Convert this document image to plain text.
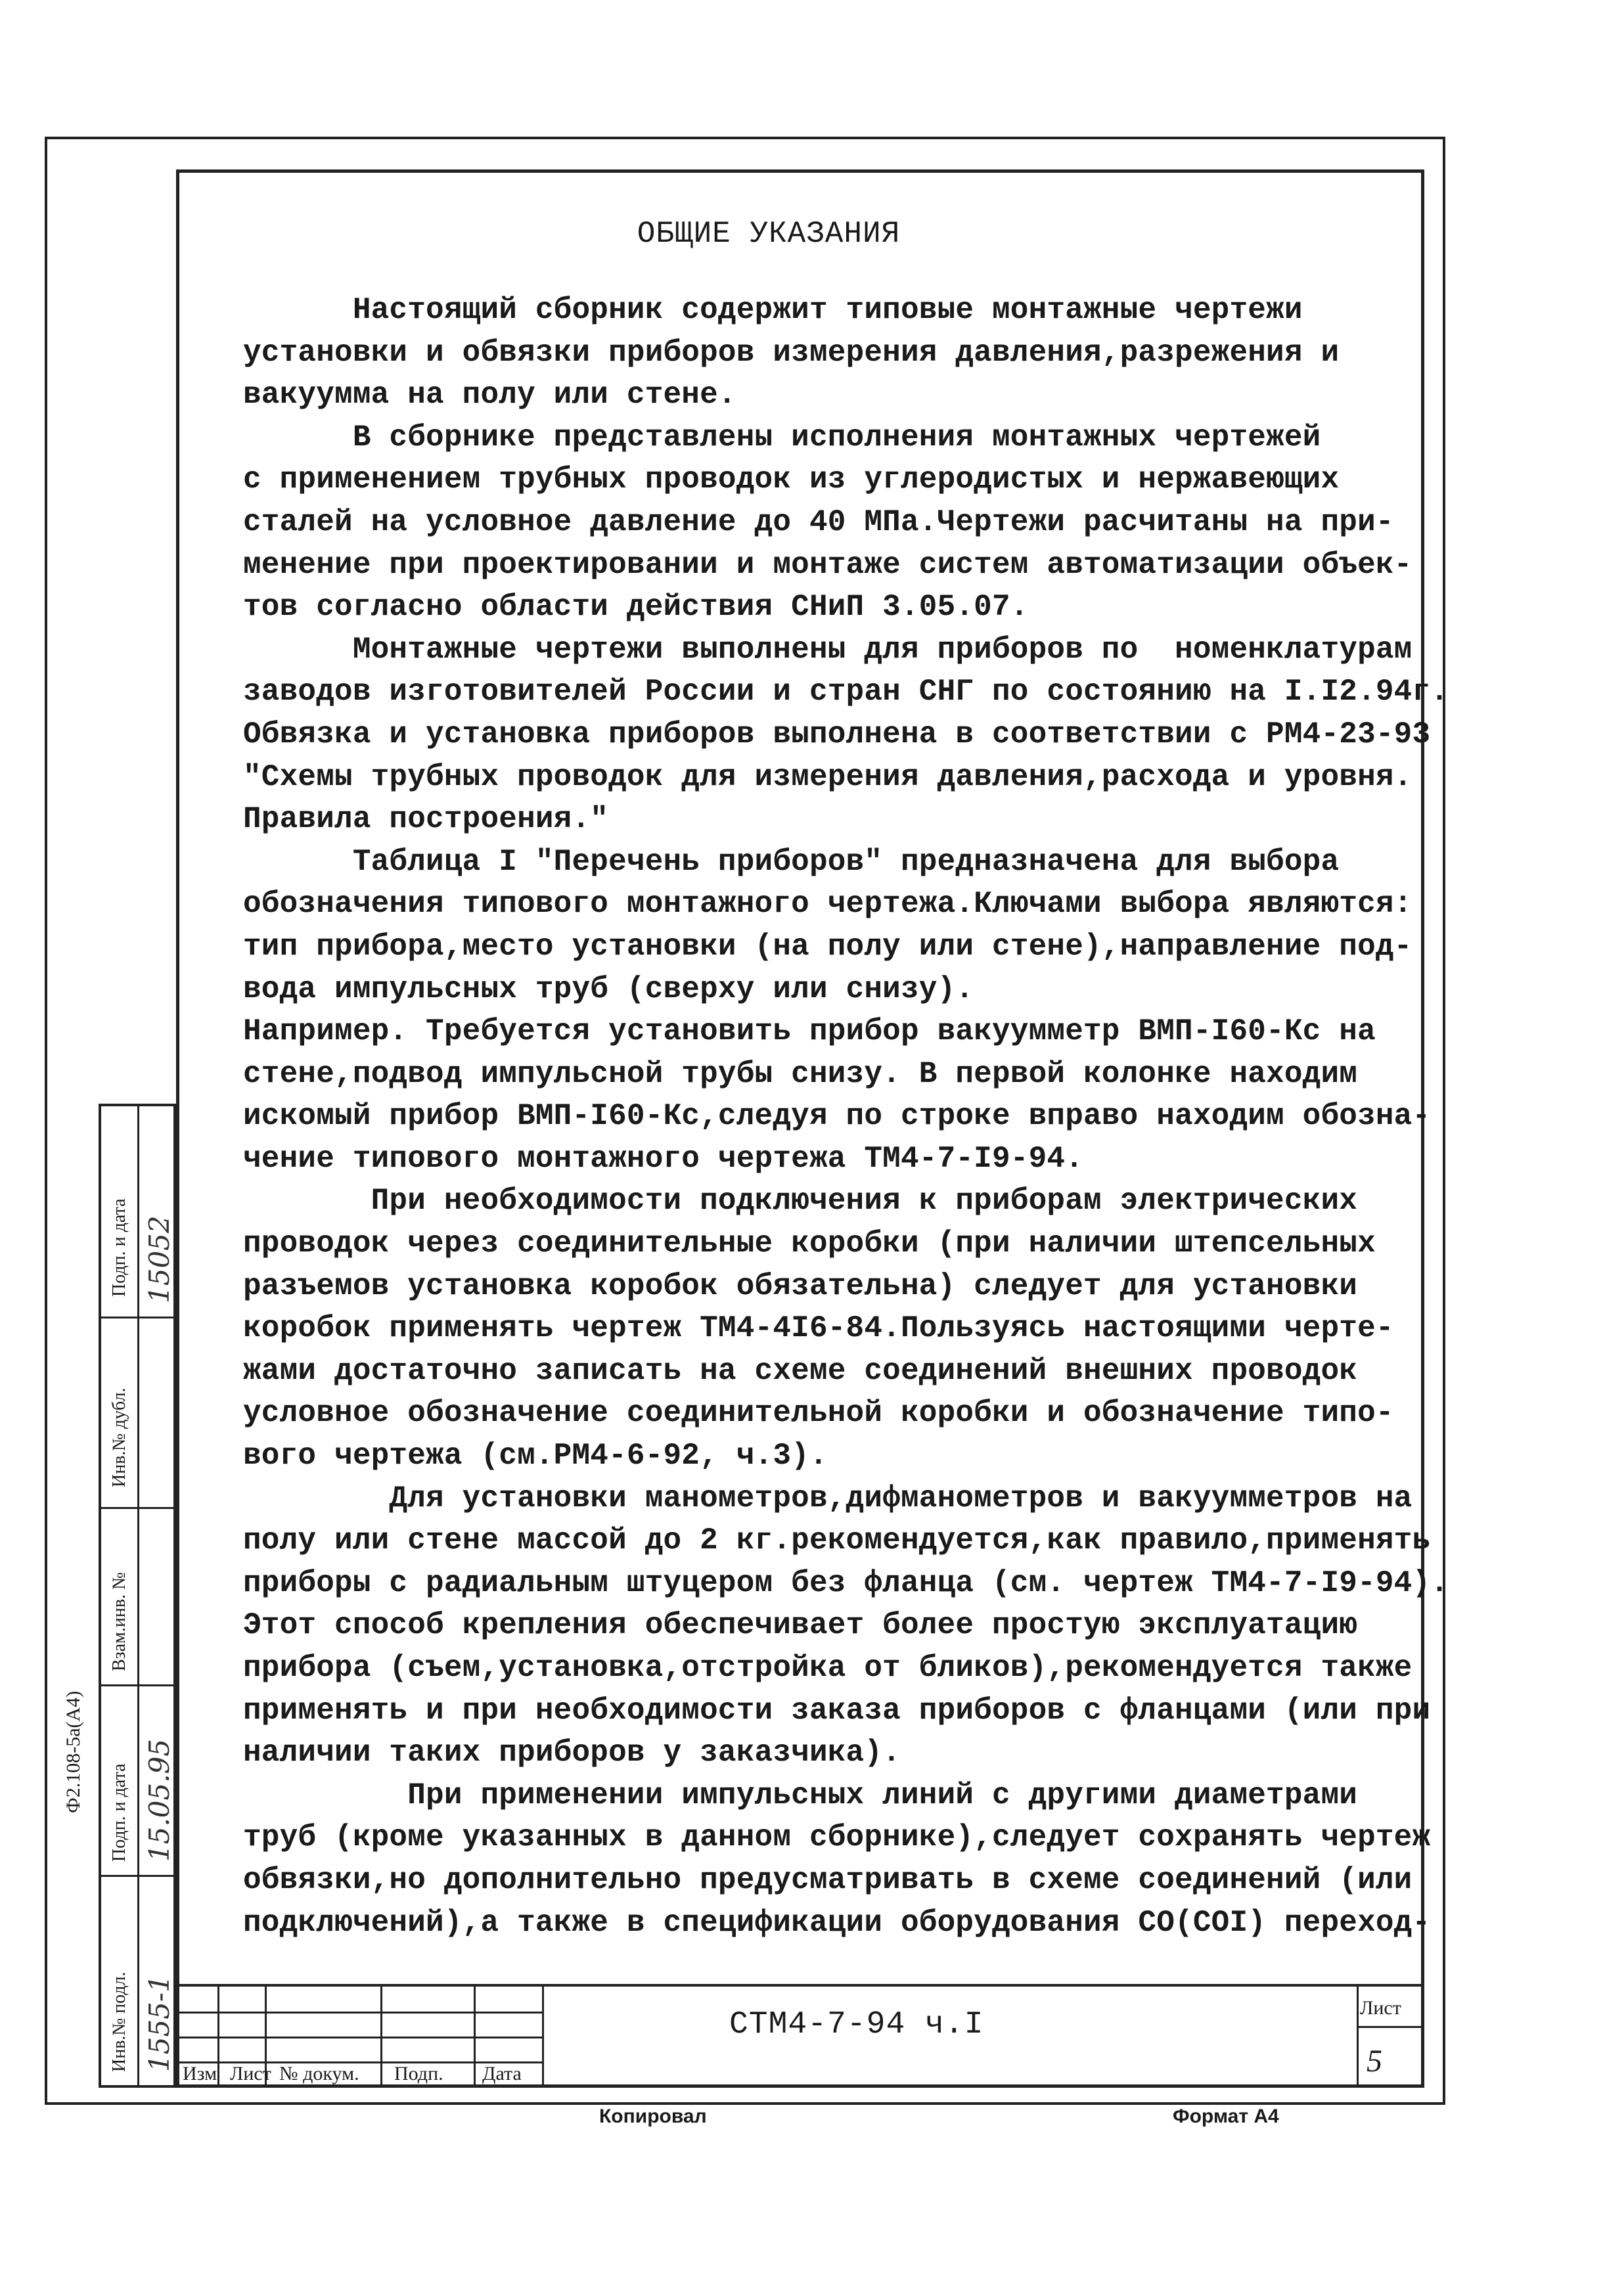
ОБЩИЕ УКАЗАНИЯ
Настоящий сборник содержит типовые монтажные чертежи
установки и обвязки приборов измерения давления,разрежения и
вакуумма на полу или стене.
В сборнике представлены исполнения монтажных чертежей
с применением трубных проводок из углеродистых и нержавеющих
сталей на условное давление до 40 МПа.Чертежи расчитаны на при-
менение при проектировании и монтаже систем автоматизации объек-
тов согласно области действия СНиП 3.05.07.
Монтажные чертежи выполнены для приборов по  номенклатурам
заводов изготовителей России и стран СНГ по состоянию на I.I2.94г.
Обвязка и установка приборов выполнена в соответствии с РМ4-23-93
"Схемы трубных проводок для измерения давления,расхода и уровня.
Правила построения."
Таблица I "Перечень приборов" предназначена для выбора
обозначения типового монтажного чертежа.Ключами выбора являются:
тип прибора,место установки (на полу или стене),направление под-
вода импульсных труб (сверху или снизу).
Например. Требуется установить прибор вакуумметр ВМП-I60-Кс на
стене,подвод импульсной трубы снизу. В первой колонке находим
искомый прибор ВМП-I60-Кс,следуя по строке вправо находим обозна-
чение типового монтажного чертежа ТМ4-7-I9-94.
При необходимости подключения к приборам электрических
проводок через соединительные коробки (при наличии штепсельных
разъемов установка коробок обязательна) следует для установки
коробок применять чертеж ТМ4-4I6-84.Пользуясь настоящими черте-
жами достаточно записать на схеме соединений внешних проводок
условное обозначение соединительной коробки и обозначение типо-
вого чертежа (см.РМ4-6-92, ч.3).
Для установки манометров,дифманометров и вакуумметров на
полу или стене массой до 2 кг.рекомендуется,как правило,применять
приборы с радиальным штуцером без фланца (см. чертеж ТМ4-7-I9-94).
Этот способ крепления обеспечивает более простую эксплуатацию
прибора (съем,установка,отстройка от бликов),рекомендуется также
применять и при необходимости заказа приборов с фланцами (или при
наличии таких приборов у заказчика).
При применении импульсных линий с другими диаметрами
труб (кроме указанных в данном сборнике),следует сохранять чертеж
обвязки,но дополнительно предусматривать в схеме соединений (или
подключений),а также в спецификации оборудования СО(СОI) переход-
Подп. и дата
Инв.№ дубл.
Взам.инв. №
Подп. и дата
Инв.№ подл.
15052
15.05.95
1555-1
Ф2.108-5а(А4)
Изм Лист № докум. Подп. Дата
СТМ4-7-94 ч.I	Лист
5
Копировал	Формат А4
